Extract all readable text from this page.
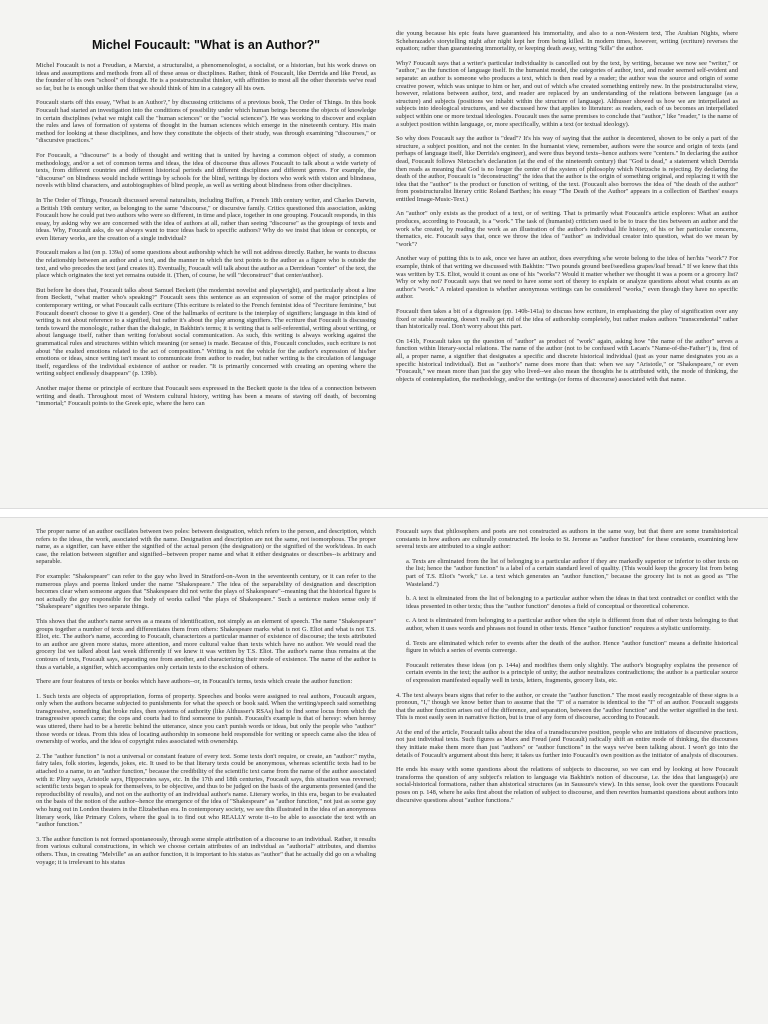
Michel Foucault: "What is an Author?"

Michel Foucault is not a Freudian, a Marxist, a structuralist, a phenomenologist, a socialist, or a historian, but his work draws on ideas and assumptions and methods from all of these areas or disciplines. Rather, think of Foucault, like Derrida and like Freud, as the founder of his own "school" of thought. He is a poststructuralist thinker, with affinities to most all the other theorists we've read so far, but he is enough unlike them that we should think of him in a category all his own.

Foucault starts off this essay, "What is an Author?," by discussing criticisms of a previous book, The Order of Things. In this book Foucault had started an investigation into the conditions of possibility under which human beings become the objects of knowledge in certain disciplines (what we might call the "human sciences" or the "social sciences"). He was working to discover and explain the rules and laws of formation of systems of thought in the human sciences which emerge in the nineteenth century. His main method for looking at these disciplines, and how they constitute the objects of their study, was through examining "discourses," or "discursive practices."

For Foucault, a "discourse" is a body of thought and writing that is united by having a common object of study, a common methodology, and/or a set of common terms and ideas, the idea of discourse thus allows Foucault to talk about a wide variety of texts, from different countries and different historical periods and different disciplines and different genres. For example, the "discourse" on blindness would include writings by schools for the blind, writings by doctors who work with vision and blindness, novels with blind characters, and autobiographies of blind people, as well as writing about blindness from other disciplines.

In The Order of Things, Foucault discussed several naturalists, including Buffon, a French 18th century writer, and Charles Darwin, a British 19th century writer, as belonging to the same "discourse," or discursive family. Critics questioned this association, asking Foucault how he could put two authors who were so different, in time and place, together in one grouping. Foucault responds, in this essay, by asking why we are concerned with the idea of authors at all, rather than seeing "discourse" as the groupings of texts and ideas. Why, Foucault asks, do we always want to trace ideas back to specific authors? Why do we insist that ideas or concepts, or even literary works, are the creation of a single individual?

Foucault makes a list (on p. 139a) of some questions about authorship which he will not address directly. Rather, he wants to discuss the relationship between an author and a text, and the manner in which the text points to the author as a figure who is outside the text, and who precedes the text (and creates it). Eventually, Foucault will talk about the author as a Derridean "center" of the text, the place which originates the text yet remains outside it. (Then, of course, he will "deconstruct" that center/author).

But before he does that, Foucault talks about Samuel Beckett (the modernist novelist and playwright), and particularly about a line from Beckett, "what matter who's speaking?" Foucault sees this sentence as an expression of some of the major principles of contemporary writing, or what Foucault calls ecriture (This ecriture is related to the French feminist idea of "l'ecriture feminine," but Foucault doesn't choose to give it a gender). One of the hallmarks of ecriture is the interplay of signifiers; language in this kind of writing is not about reference to a signified, but rather it's about the play among signifiers. The ecriture that Foucault is discussing tends toward the monologic, rather than the dialogic, in Bakhtin's terms; it is writing that is self-referential, writing about writing, or about language itself, rather than writing for/about social communication. As such, this writing is always working against the grammatical rules and structures within which meaning (or sense) is made. Because of this, Foucault concludes, such ecriture is not about "the exalted emotions related to the act of composition." Writing is not the vehicle for the author's expression of his/her emotions or ideas, since writing isn't meant to communicate from author to reader, but rather writing is the circulation of language itself, regardless of the individual existence of author or reader. "It is primarily concerned with creating an opening where the writing subject endlessly disappears" (p. 139b).

Another major theme or principle of ecriture that Foucault sees expressed in the Beckett quote is the idea of a connection between writing and death. Throughout most of Western cultural history, writing has been a means of staving off death, of becoming "immortal;" Foucault points to the Greek epic, where the hero can

die young because his epic feats have guaranteed his immortality, and also to a non-Western text, The Arabian Nights, where Scheherazade's storytelling night after night kept her from being killed. In modern times, however, writing (ecriture) reverses the equation; rather than guaranteeing immortality, or keeping death away, writing "kills" the author.

Why? Foucault says that a writer's particular individuality is cancelled out by the text, by writing, because we now see "writer," or "author," as the function of language itself. In the humanist model, the categories of author, text, and reader seemed self-evident and separate: an author is someone who produces a text, which is then read by a reader; the author was the source and origin of some creative power, which was unique to him or her, and out of which s/he created something entirely new. In the poststructuralist view, however, relations between author, text, and reader are replaced by an understanding of the relations between language (as a structure) and subjects (positions we inhabit within the structure of language). Althusser showed us how we are interpellated as subjects into ideological structures, and we discussed how that applies to literature: as readers, each of us becomes an interpellated subject within one or more textual ideologies. Foucault uses the same premises to conclude that "author," like "reader," is the name of a subject position within language, or, more specifically, within a text (or textual ideology).

So why does Foucault say the author is "dead"? It's his way of saying that the author is decentered, shown to be only a part of the structure, a subject position, and not the center. In the humanist view, remember, authors were the source and origin of texts (and perhaps of language itself, like Derrida's engineer), and were thus beyond texts--hence authors were "centers." In declaring the author dead, Foucault follows Nietzsche's declaration (at the end of the nineteenth century) that "God is dead," a statement which Derrida then reads as meaning that God is no longer the center of the system of philosophy which Nietzsche is rejecting. By declaring the death of the author, Foucault is "deconstructing" the idea that the author is the origin of something original, and replacing it with the idea that the "author" is the product or function of writing, of the text. (Foucault also borrows the idea of "the death of the author" from poststructuralist literary critic Roland Barthes; his essay "The Death of the Author" appears in a collection of Barthes' essays entitled Image-Music-Text.)

An "author" only exists as the product of a text, or of writing. That is primarily what Foucault's article explores: What an author produces, according to Foucault, is a "work." The task of (humanist) criticism used to be to trace the ties between an author and the work s/he created, by reading the work as an illustration of the author's individual life history, of his or her particular concerns, thematics, etc. Foucault says that, once we throw the idea of "author" as individual creator into question, what do we mean by "work"?

Another way of putting this is to ask, once we have an author, does everything s/he wrote belong to the idea of her/his "work"? For example, think of that writing we discussed with Bakhtin: "Two pounds ground beef/seedless grapes/loaf bread." If we knew that this was written by T.S. Eliot, would it count as one of his "works"? Would it matter whether we thought it was a poem or a grocery list? Why or why not? Foucault says that we need to have some sort of theory to explain or analyze questions about what counts as an author's "work." A related question is whether anonymous writings can be considered "works," even though they have no specific author.

Foucault then takes a bit of a digression (pp. 140b-141a) to discuss how ecriture, in emphasizing the play of signification over any fixed or stable meaning, doesn't really get rid of the idea of authorship completely, but rather makes authors "transcendental" rather than historically real. Don't worry about this part.

On 141b, Foucault takes up the question of "author" as product of "work" again, asking how "the name of the author" serves a function within literary-social relations. The name of the author (not to be confused with Lacan's "Name-of-the-Father") is, first of all, a proper name, a signifier that designates a specific and discrete historical individual (just as your name designates you as a specific historical individual). But as "author's" name does more than that: when we say "Aristotle," or "Shakespeare," or even "Foucault," we mean more than just the guy who lived--we also mean the thoughts he is attributed with, the mode of thinking, the objects of contemplation, the methodology, and/or the writings (or forms of discourse) associated with that name.

The proper name of an author oscillates between two poles: between designation, which refers to the person, and description, which refers to the ideas, the work, associated with the name. Designation and description are not the same, not isomorphous. The proper name, as a signifier, can have either the signified of the actual person (the designation) or the signified of the work/ideas. In each case, the relation between signifier and signified--between proper name and what it either designates or describes--is arbitrary and separable.

For example: "Shakespeare" can refer to the guy who lived in Stratford-on-Avon in the seventeenth century, or it can refer to the numerous plays and poems linked under the name "Shakespeare." The idea of the separability of designation and description becomes clear when someone argues that "Shakespeare did not write the plays of Shakespeare"--meaning that the historical figure is not actually the guy responsible for the body of works called "the plays of Shakespeare." Such a sentence makes sense only if "Shakespeare" signifies two separate things.

This shows that the author's name serves as a means of identification, not simply as an element of speech. The name "Shakespeare" groups together a number of texts and differentiates them from others: Shakespeare marks what is not G. Eliot and what is not T.S. Eliot, etc. The author's name, according to Foucault, characterizes a particular manner of existence of discourse; the texts attributed to an author are given more status, more attention, and more cultural value than texts which have no author. We would read the grocery list we talked about last week differently if we knew it was written by T.S. Eliot. The author's name thus remains at the contours of texts, Foucault says, separating one from another, and characterizing their mode of existence. The name of the author is thus a variable, a signifier, which accompanies only certain texts to the exclusion of others.

There are four features of texts or books which have authors--or, in Foucault's terms, texts which create the author function:

1. Such texts are objects of appropriation, forms of property. Speeches and books were assigned to real authors, Foucault argues, only when the authors became subjected to punishments for what the speech or book said. When the writing/speech said something transgressive, something that broke rules, then systems of authority (like Althusser's RSAs) had to find some locus from which the transgressive speech came; the cops and courts had to find someone to punish. Foucault's example is that of heresy: when heresy was uttered, there had to be a heretic behind the utterance, since you can't punish words or ideas, but only the people who "author" those words or ideas. From this idea of locating authorship in someone held responsible for writing or speech came also the idea of ownership of works, and the idea of copyright rules associated with ownership.

2. The "author function" is not a universal or constant feature of every text. Some texts don't require, or create, an "author:" myths, fairy tales, folk stories, legends, jokes, etc. It used to be that literary texts could be anonymous, whereas scientific texts had to be attached to a name, to an "author function," because the credibility of the scientific text came from the name of the author associated with it: Pliny says, Aristotle says, Hippocrates says, etc. In the 17th and 18th centuries, Foucault says, this situation was reversed; scientific texts began to speak for themselves, to be objective, and thus to be judged on the basis of the arguments presented (and the reproducibility of results), and not on the authority of an individual author's name. Literary works, in this era, began to be evaluated on the basis of the notion of the author--hence the emergence of the idea of "Shakespeare" as "author function," not just as some guy who hung out in London theaters in the Elizabethan era. In contemporary society, we see this illustrated in the idea of an anonymous literary work, like Primary Colors, where the goal is to find out who REALLY wrote it--to be able to associate the text with an "author function."

3. The author function is not formed spontaneously, through some simple attribution of a discourse to an individual. Rather, it results from various cultural constructions, in which we choose certain attributes of an individual as "authorial" attributes, and dismiss others. Thus, in creating "Melville" as an author function, it is important to his status as "author" that he actually did go on a whaling voyage; it is irrelevant to his status

Foucault says that philosophers and poets are not constructed as authors in the same way, but that there are some transhistorical constants in how authors are culturally constructed. He looks to St. Jerome as "author function" for these constants, examining how several texts are attributed to a single author:

a. Texts are eliminated from the list of belonging to a particular author if they are markedly superior or inferior to other texts on the list; hence the "author function" is a label of a certain standard level of quality. (This would keep the grocery list from being part of T.S. Eliot's "work," i.e. a text which generates an "author function," because the grocery list is not as good as "The Wasteland.")

b. A text is eliminated from the list of belonging to a particular author when the ideas in that text contradict or conflict with the ideas presented in other texts; thus the "author function" denotes a field of conceptual or theoretical coherence.

c. A text is eliminated from belonging to a particular author when the style is different from that of other texts belonging to that author, when it uses words and phrases not found in other texts. Hence "author function" requires a stylistic uniformity.

d. Texts are eliminated which refer to events after the death of the author. Hence "author function" means a definite historical figure in which a series of events converge.

Foucault reiterates these ideas (on p. 144a) and modifies them only slightly. The author's biography explains the presence of certain events in the text; the author is a principle of unity; the author neutralizes contradictions; the author is a particular source of expression manifested equally well in texts, letters, fragments, grocery lists, etc.

4. The text always bears signs that refer to the author, or create the "author function." The most easily recognizable of these signs is a pronoun, "I," though we know better than to assume that the "I" of a narrator is identical to the "I" of an author. Foucault suggests that the author function arises out of the difference, and separation, between the "author function" and the writer signified in the text. This is most easily seen in narrative fiction, but is true of any form of discourse, according to Foucault.

At the end of the article, Foucault talks about the idea of a transdiscursive position, people who are initiators of discursive practices, not just individual texts. Such figures as Marx and Freud (and Foucault) radically shift an entire mode of thinking, the discourses they initiate make them more than just "authors" or "author functions" in the ways we've been talking about. I won't go into the details of Foucault's argument about this here; it takes us further into Foucault's own position as the initiator of analysis of discourses.

He ends his essay with some questions about the relations of subjects to discourse, so we can end by looking at how Foucault transforms the question of any subject's relation to language via Bakhtin's notion of discourse, i.e. the idea that language(s) are social-historical formations, rather than ahistorical structures (as in Saussure's view). In this sense, look over the questions Foucault poses on p. 148, where he asks first about the relation of subject to discourse, and then rewrites humanist questions about authors into discursive questions about "author functions."
